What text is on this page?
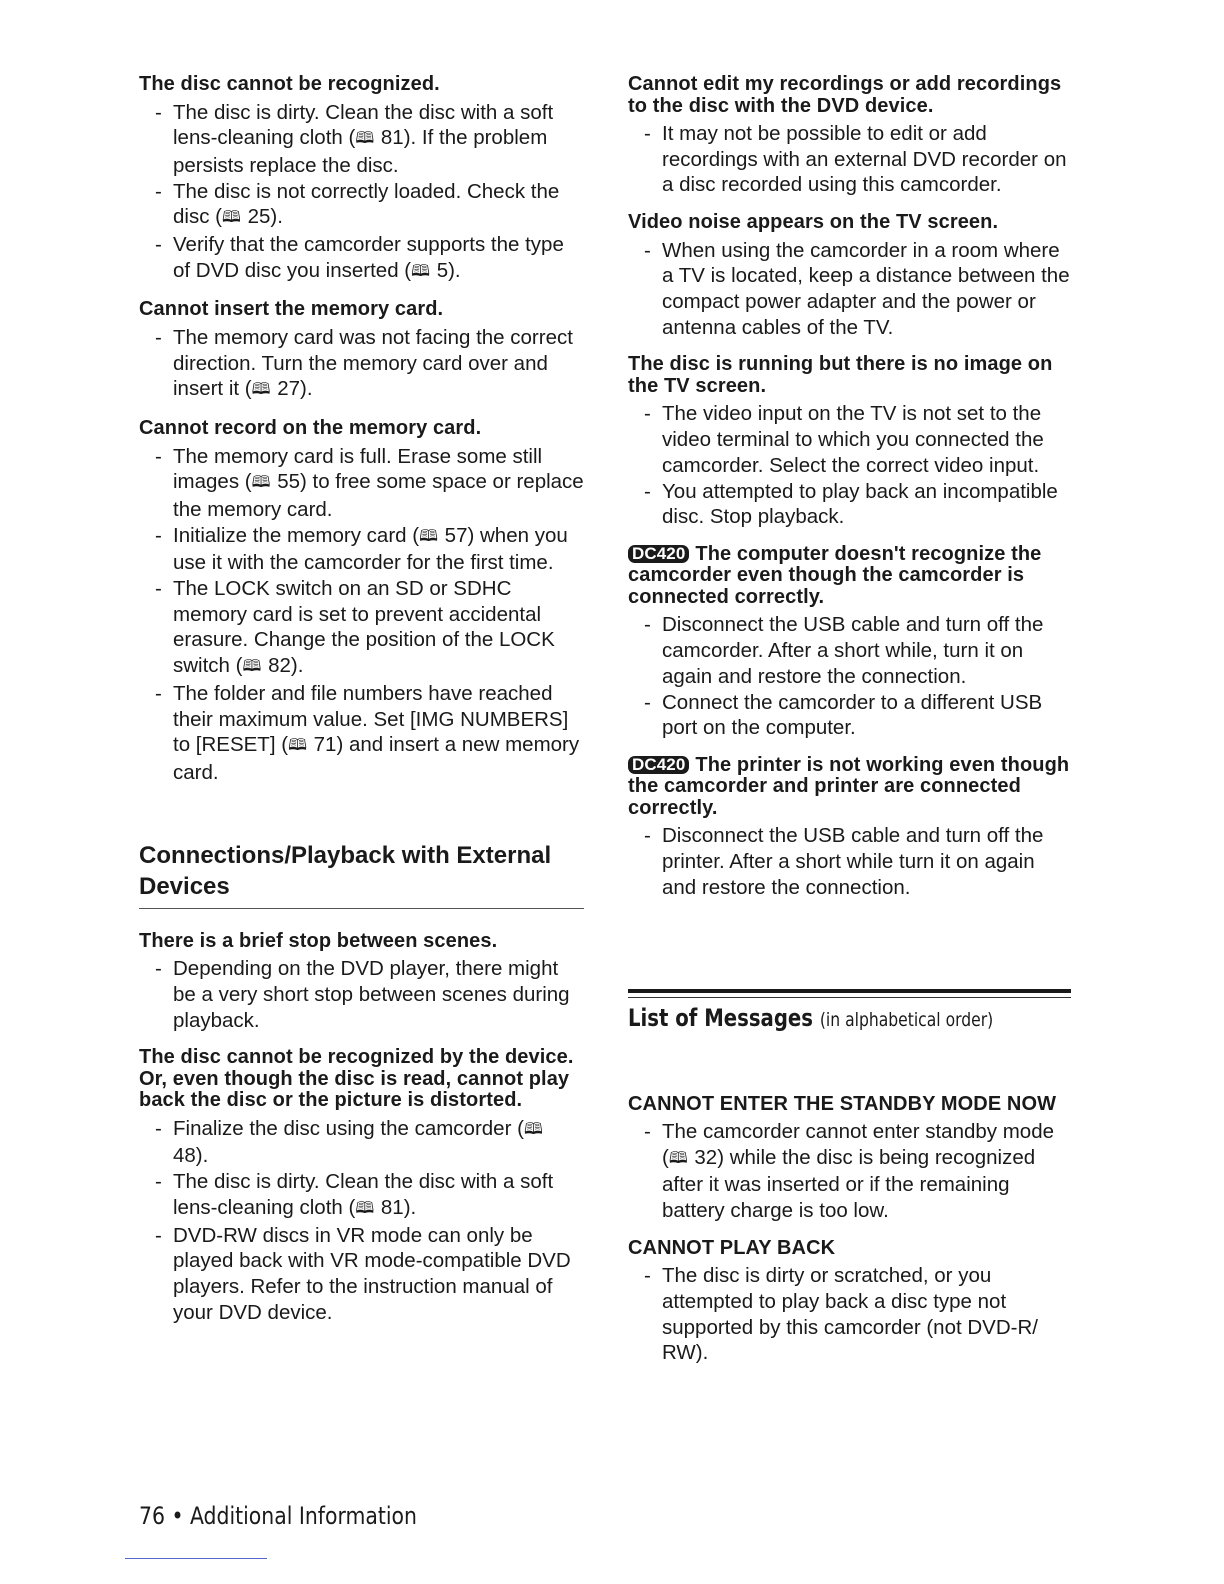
The disc cannot be recognized.

- The disc is dirty. Clean the disc with a soft lens-cleaning cloth (🕮 81). If the problem persists replace the disc.
- The disc is not correctly loaded. Check the disc (🕮 25).
- Verify that the camcorder supports the type of DVD disc you inserted (🕮 5).

Cannot insert the memory card.

- The memory card was not facing the correct direction. Turn the memory card over and insert it (🕮 27).

Cannot record on the memory card.

- The memory card is full. Erase some still images (🕮 55) to free some space or replace the memory card.
- Initialize the memory card (🕮 57) when you use it with the camcorder for the first time.
- The LOCK switch on an SD or SDHC memory card is set to prevent accidental erasure. Change the position of the LOCK switch (🕮 82).
- The folder and file numbers have reached their maximum value. Set [IMG NUMBERS] to [RESET] (🕮 71) and insert a new memory card.
Connections/Playback with External Devices

There is a brief stop between scenes.

- Depending on the DVD player, there might be a very short stop between scenes during playback.

The disc cannot be recognized by the device. Or, even though the disc is read, cannot play back the disc or the picture is distorted.

- Finalize the disc using the camcorder (🕮 48).
- The disc is dirty. Clean the disc with a soft lens-cleaning cloth (🕮 81).
- DVD-RW discs in VR mode can only be played back with VR mode-compatible DVD players. Refer to the instruction manual of your DVD device.

Cannot edit my recordings or add recordings to the disc with the DVD device.

- It may not be possible to edit or add recordings with an external DVD recorder on a disc recorded using this camcorder.

Video noise appears on the TV screen.

- When using the camcorder in a room where a TV is located, keep a distance between the compact power adapter and the power or antenna cables of the TV.

The disc is running but there is no image on the TV screen.

- The video input on the TV is not set to the video terminal to which you connected the camcorder. Select the correct video input.
- You attempted to play back an incompatible disc. Stop playback.

DC420 The computer doesn't recognize the camcorder even though the camcorder is connected correctly.

- Disconnect the USB cable and turn off the camcorder. After a short while, turn it on again and restore the connection.
- Connect the camcorder to a different USB port on the computer.

DC420 The printer is not working even though the camcorder and printer are connected correctly.

- Disconnect the USB cable and turn off the printer. After a short while turn it on again and restore the connection.
List of Messages (in alphabetical order)

CANNOT ENTER THE STANDBY MODE NOW

- The camcorder cannot enter standby mode (🕮 32) while the disc is being recognized after it was inserted or if the remaining battery charge is too low.

CANNOT PLAY BACK

- The disc is dirty or scratched, or you attempted to play back a disc type not supported by this camcorder (not DVD-R/ RW).
76 • Additional Information
